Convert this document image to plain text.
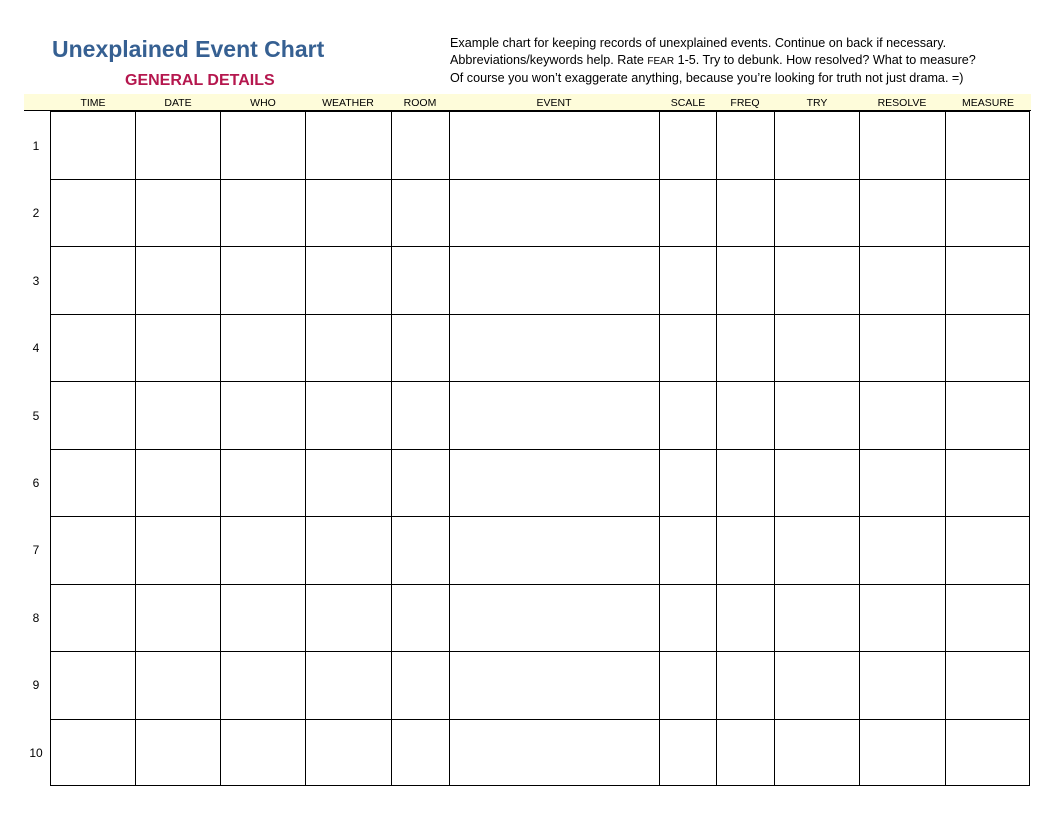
Unexplained Event Chart
GENERAL DETAILS
Example chart for keeping records of unexplained events. Continue on back if necessary.
Abbreviations/keywords help. Rate FEAR 1-5. Try to debunk. How resolved? What to measure?
Of course you won’t exaggerate anything, because you’re looking for truth not just drama. =)
TIME	DATE	WHO	WEATHER	ROOM	EVENT	SCALE	FREQ	TRY	RESOLVE	MEASURE
1
2
3
4
5
6
7
8
9
10
